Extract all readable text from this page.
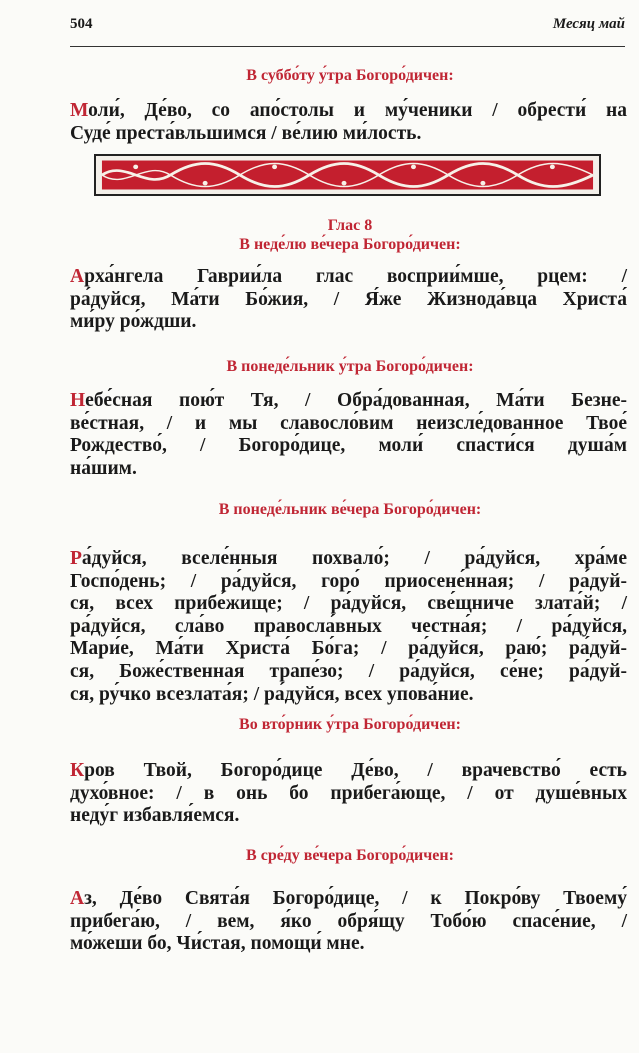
504	Месяц май
В суббо́ту у́тра Богоро́дичен:
Моли́, Де́во, со апо́столы и му́ченики / обрести́ на
Суде́ преста́вльшимся / ве́лию ми́лость.
Глас 8
В неде́лю ве́чера Богоро́дичен:
Арха́нгела Гаврии́ла глас восприи́мше, рцем: /
ра́дуйся, Ма́ти Бо́жия, / Я́же Жизнода́вца Христа́
ми́ру ро́ждши.
В понеде́льник у́тра Богоро́дичен:
Небе́сная пою́т Тя, / Обра́дованная, Ма́ти Безне-
ве́стная, / и мы славосло́вим неизсле́дованное Твое́
Рождество́, / Богоро́дице, моли́ спасти́ся душа́м
на́шим.
В понеде́льник ве́чера Богоро́дичен:
Ра́дуйся, вселе́нныя похвало́; / ра́дуйся, хра́ме
Госпо́день; / ра́дуйся, горо́ приосене́нная; / ра́дуй-
ся, всех прибе́жище; / ра́дуйся, све́щниче злата́й; /
ра́дуйся, сла́во правосла́вных честна́я; / ра́дуйся,
Мари́е, Ма́ти Христа́ Бо́га; / ра́дуйся, раю́; ра́дуй-
ся, Боже́ственная трапе́зо; / ра́дуйся, се́не; ра́дуй-
ся, ру́чко всезлата́я; / ра́дуйся, всех упова́ние.
Во вто́рник у́тра Богоро́дичен:
Кров Твой, Богоро́дице Де́во, / врачевство́ есть
духо́вное: / в онь бо прибега́юще, / от душе́вных
неду́г избавля́емся.
В сре́ду ве́чера Богоро́дичен:
Аз, Де́во Свята́я Богоро́дице, / к Покро́ву Твоему́
прибега́ю, / вем, я́ко обря́щу Тобо́ю спасе́ние, /
мо́жеши бо, Чи́стая, помощи́ мне.
